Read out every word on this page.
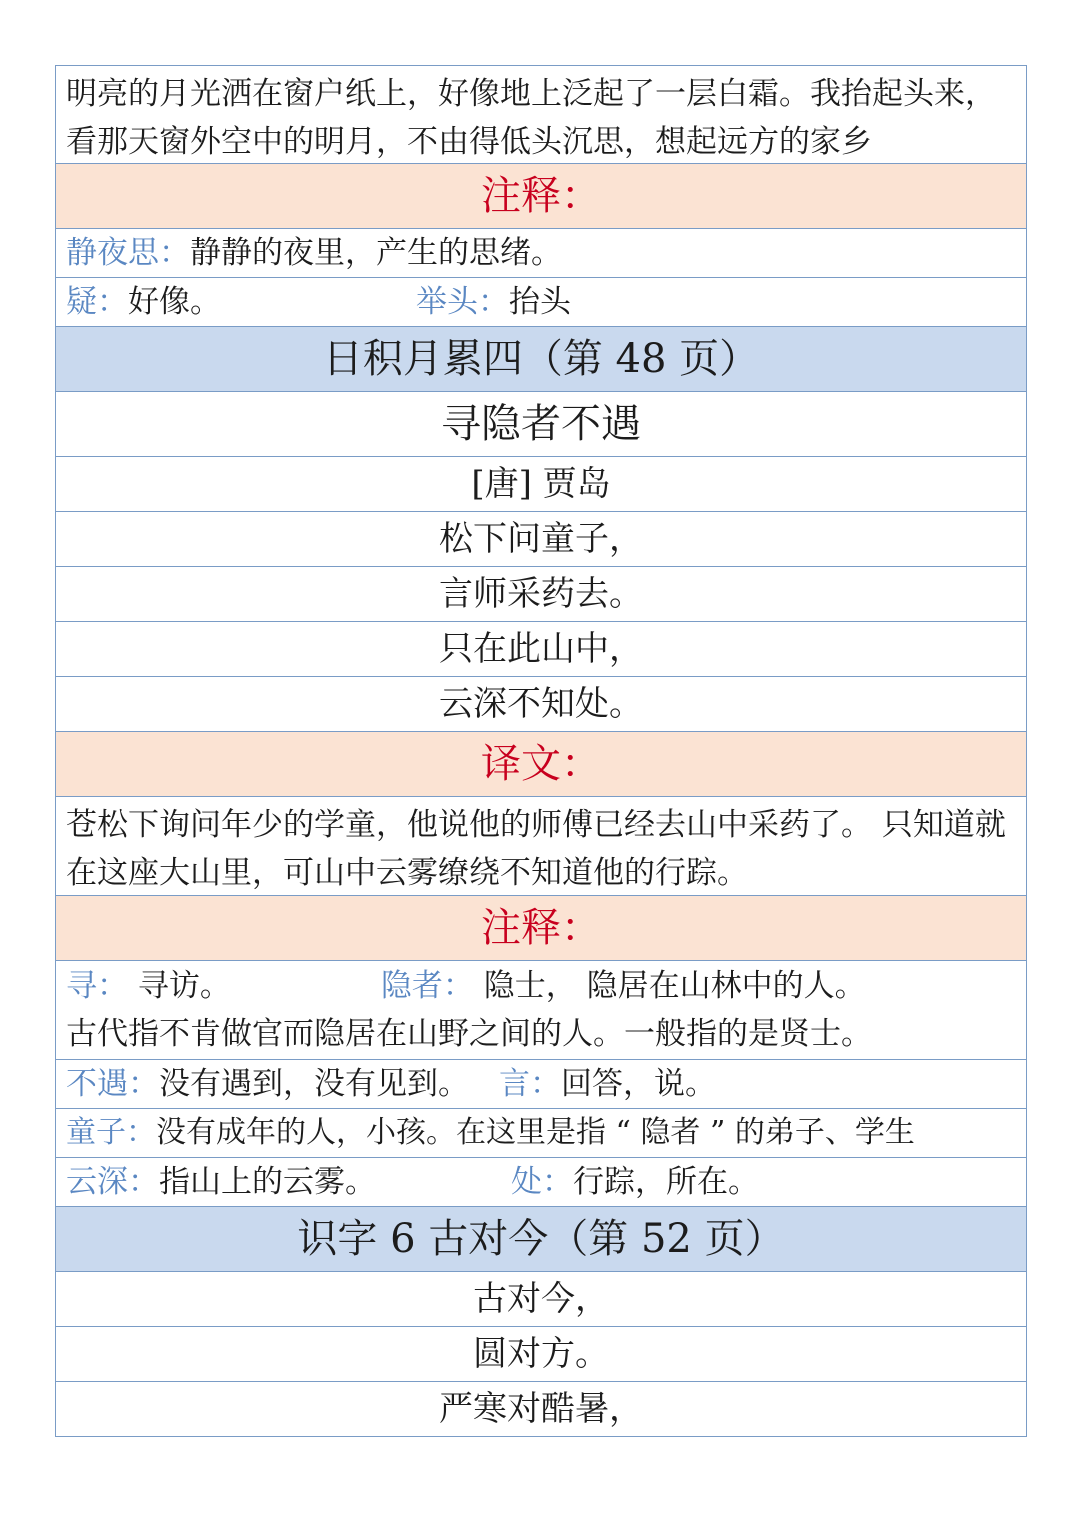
明亮的月光洒在窗户纸上，好像地上泛起了一层白霜。我抬起头来，看那天窗外空中的明月，不由得低头沉思，想起远方的家乡
注释：
静夜思：静静的夜里，产生的思绪。
疑：好像。	举头：抬头
日积月累四（第 48 页）
寻隐者不遇
[唐] 贾岛
松下问童子，
言师采药去。
只在此山中，
云深不知处。
译文：
苍松下询问年少的学童，他说他的师傅已经去山中采药了。 只知道就在这座大山里，可山中云雾缭绕不知道他的行踪。
注释：
寻： 寻访。	隐者： 隐士， 隐居在山林中的人。
古代指不肯做官而隐居在山野之间的人。一般指的是贤士。
不遇：没有遇到，没有见到。 言：回答，说。
童子：没有成年的人，小孩。在这里是指 “ 隐者 ” 的弟子、学生
云深：指山上的云雾。	处：行踪，所在。
识字 6 古对今（第 52 页）
古对今，
圆对方。
严寒对酷暑，
